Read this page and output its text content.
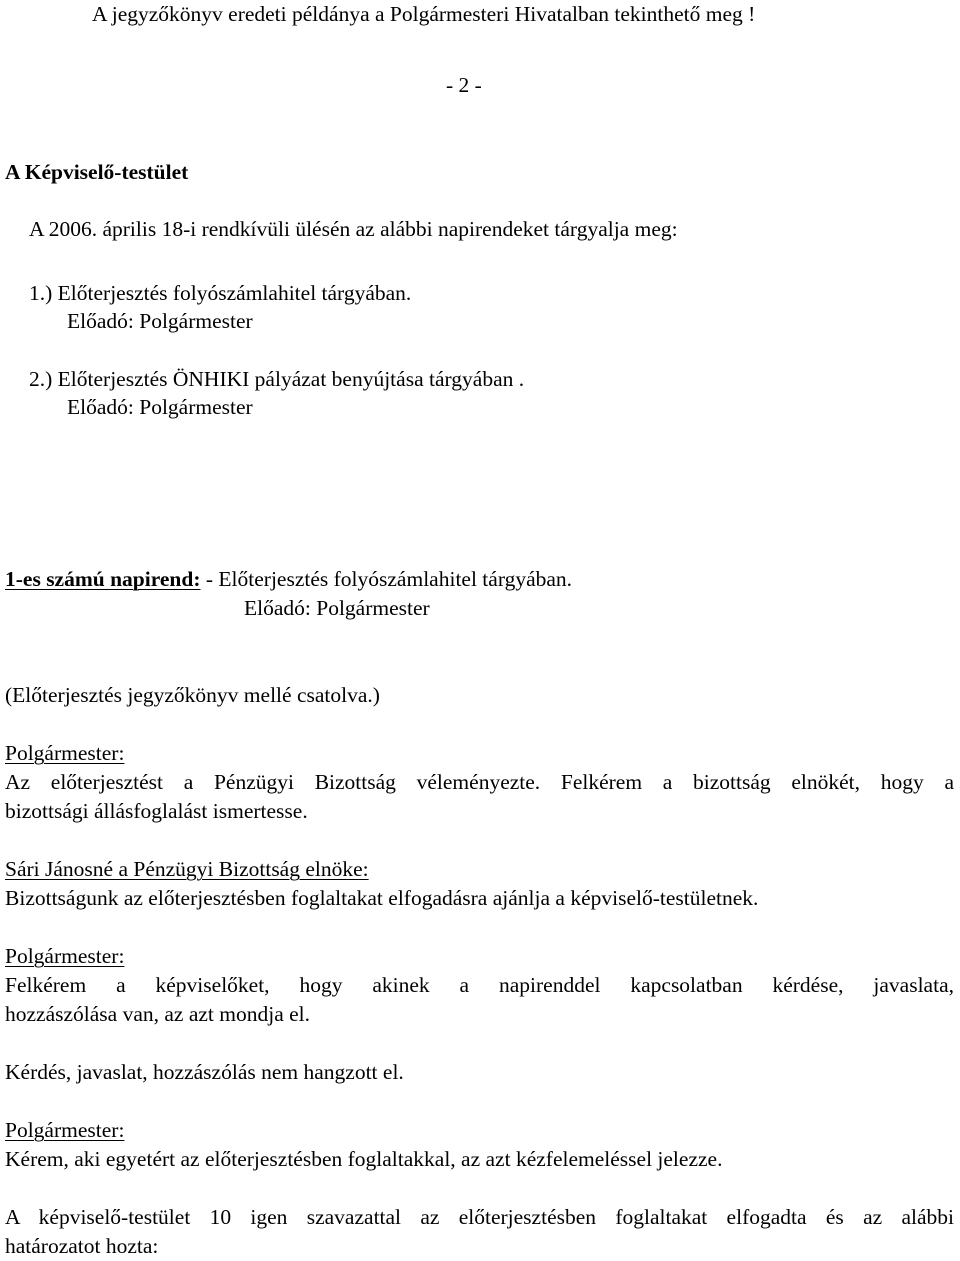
A jegyzőkönyv eredeti példánya a Polgármesteri Hivatalban tekinthető meg !
- 2 -
A Képviselő-testület
A 2006. április 18-i rendkívüli ülésén az alábbi napirendeket tárgyalja meg:
1.) Előterjesztés folyószámlahitel tárgyában.
Előadó: Polgármester
2.) Előterjesztés ÖNHIKI pályázat benyújtása tárgyában .
Előadó: Polgármester
1-es számú napirend: - Előterjesztés folyószámlahitel tárgyában.
Előadó: Polgármester
(Előterjesztés jegyzőkönyv mellé csatolva.)
Polgármester:
Az előterjesztést a Pénzügyi Bizottság véleményezte. Felkérem a bizottság elnökét, hogy a
bizottsági állásfoglalást ismertesse.
Sári Jánosné a Pénzügyi Bizottság elnöke:
Bizottságunk az előterjesztésben foglaltakat elfogadásra ajánlja a képviselő-testületnek.
Polgármester:
Felkérem a képviselőket, hogy akinek a napirenddel kapcsolatban kérdése, javaslata,
hozzászólása van, az azt mondja el.
Kérdés, javaslat, hozzászólás nem hangzott el.
Polgármester:
Kérem, aki egyetért az előterjesztésben foglaltakkal, az azt kézfelemeléssel jelezze.
A képviselő-testület 10 igen szavazattal az előterjesztésben foglaltakat elfogadta és az alábbi
határozatot hozta:
